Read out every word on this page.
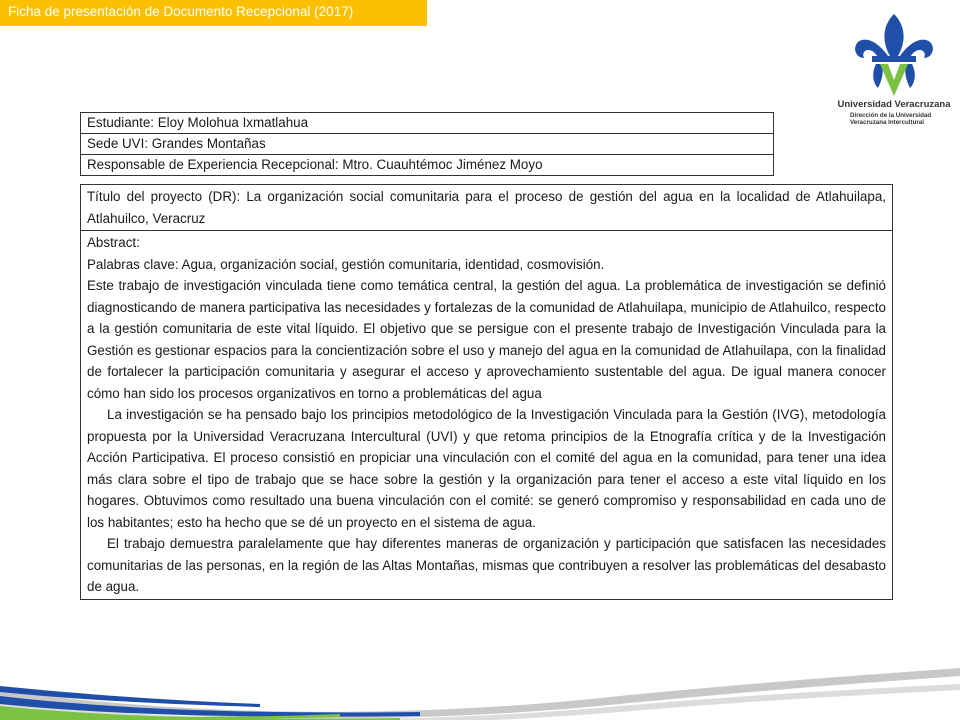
Ficha de presentación de Documento Recepcional (2017)
Universidad Veracruzana
Dirección de la Universidad
Veracruzana Intercultural
Estudiante: Eloy Molohua Ixmatlahua
Sede UVI: Grandes Montañas
Responsable de Experiencia Recepcional: Mtro. Cuauhtémoc Jiménez Moyo
Título del proyecto (DR): La organización social comunitaria para el proceso de gestión del agua en la localidad de Atlahuilapa, Atlahuilco, Veracruz

Abstract:

Palabras clave: Agua, organización social, gestión comunitaria, identidad, cosmovisión.

Este trabajo de investigación vinculada tiene como temática central, la gestión del agua. La problemática de investigación se definió diagnosticando de manera participativa las necesidades y fortalezas de la comunidad de Atlahuilapa, municipio de Atlahuilco, respecto a la gestión comunitaria de este vital líquido. El objetivo que se persigue con el presente trabajo de Investigación Vinculada para la Gestión es gestionar espacios para la concientización sobre el uso y manejo del agua en la comunidad de Atlahuilapa, con la finalidad de fortalecer la participación comunitaria y asegurar el acceso y aprovechamiento sustentable del agua. De igual manera conocer cómo han sido los procesos organizativos en torno a problemáticas del agua

La investigación se ha pensado bajo los principios metodológico de la Investigación Vinculada para la Gestión (IVG), metodología propuesta por la Universidad Veracruzana Intercultural (UVI) y que retoma principios de la Etnografía crítica y de la Investigación Acción Participativa. El proceso consistió en propiciar una vinculación con el comité del agua en la comunidad, para tener una idea más clara sobre el tipo de trabajo que se hace sobre la gestión y la organización para tener el acceso a este vital líquido en los hogares. Obtuvimos como resultado una buena vinculación con el comité: se generó compromiso y responsabilidad en cada uno de los habitantes; esto ha hecho que se dé un proyecto en el sistema de agua.

El trabajo demuestra paralelamente que hay diferentes maneras de organización y participación que satisfacen las necesidades comunitarias de las personas, en la región de las Altas Montañas, mismas que contribuyen a resolver las problemáticas del desabasto de agua.
